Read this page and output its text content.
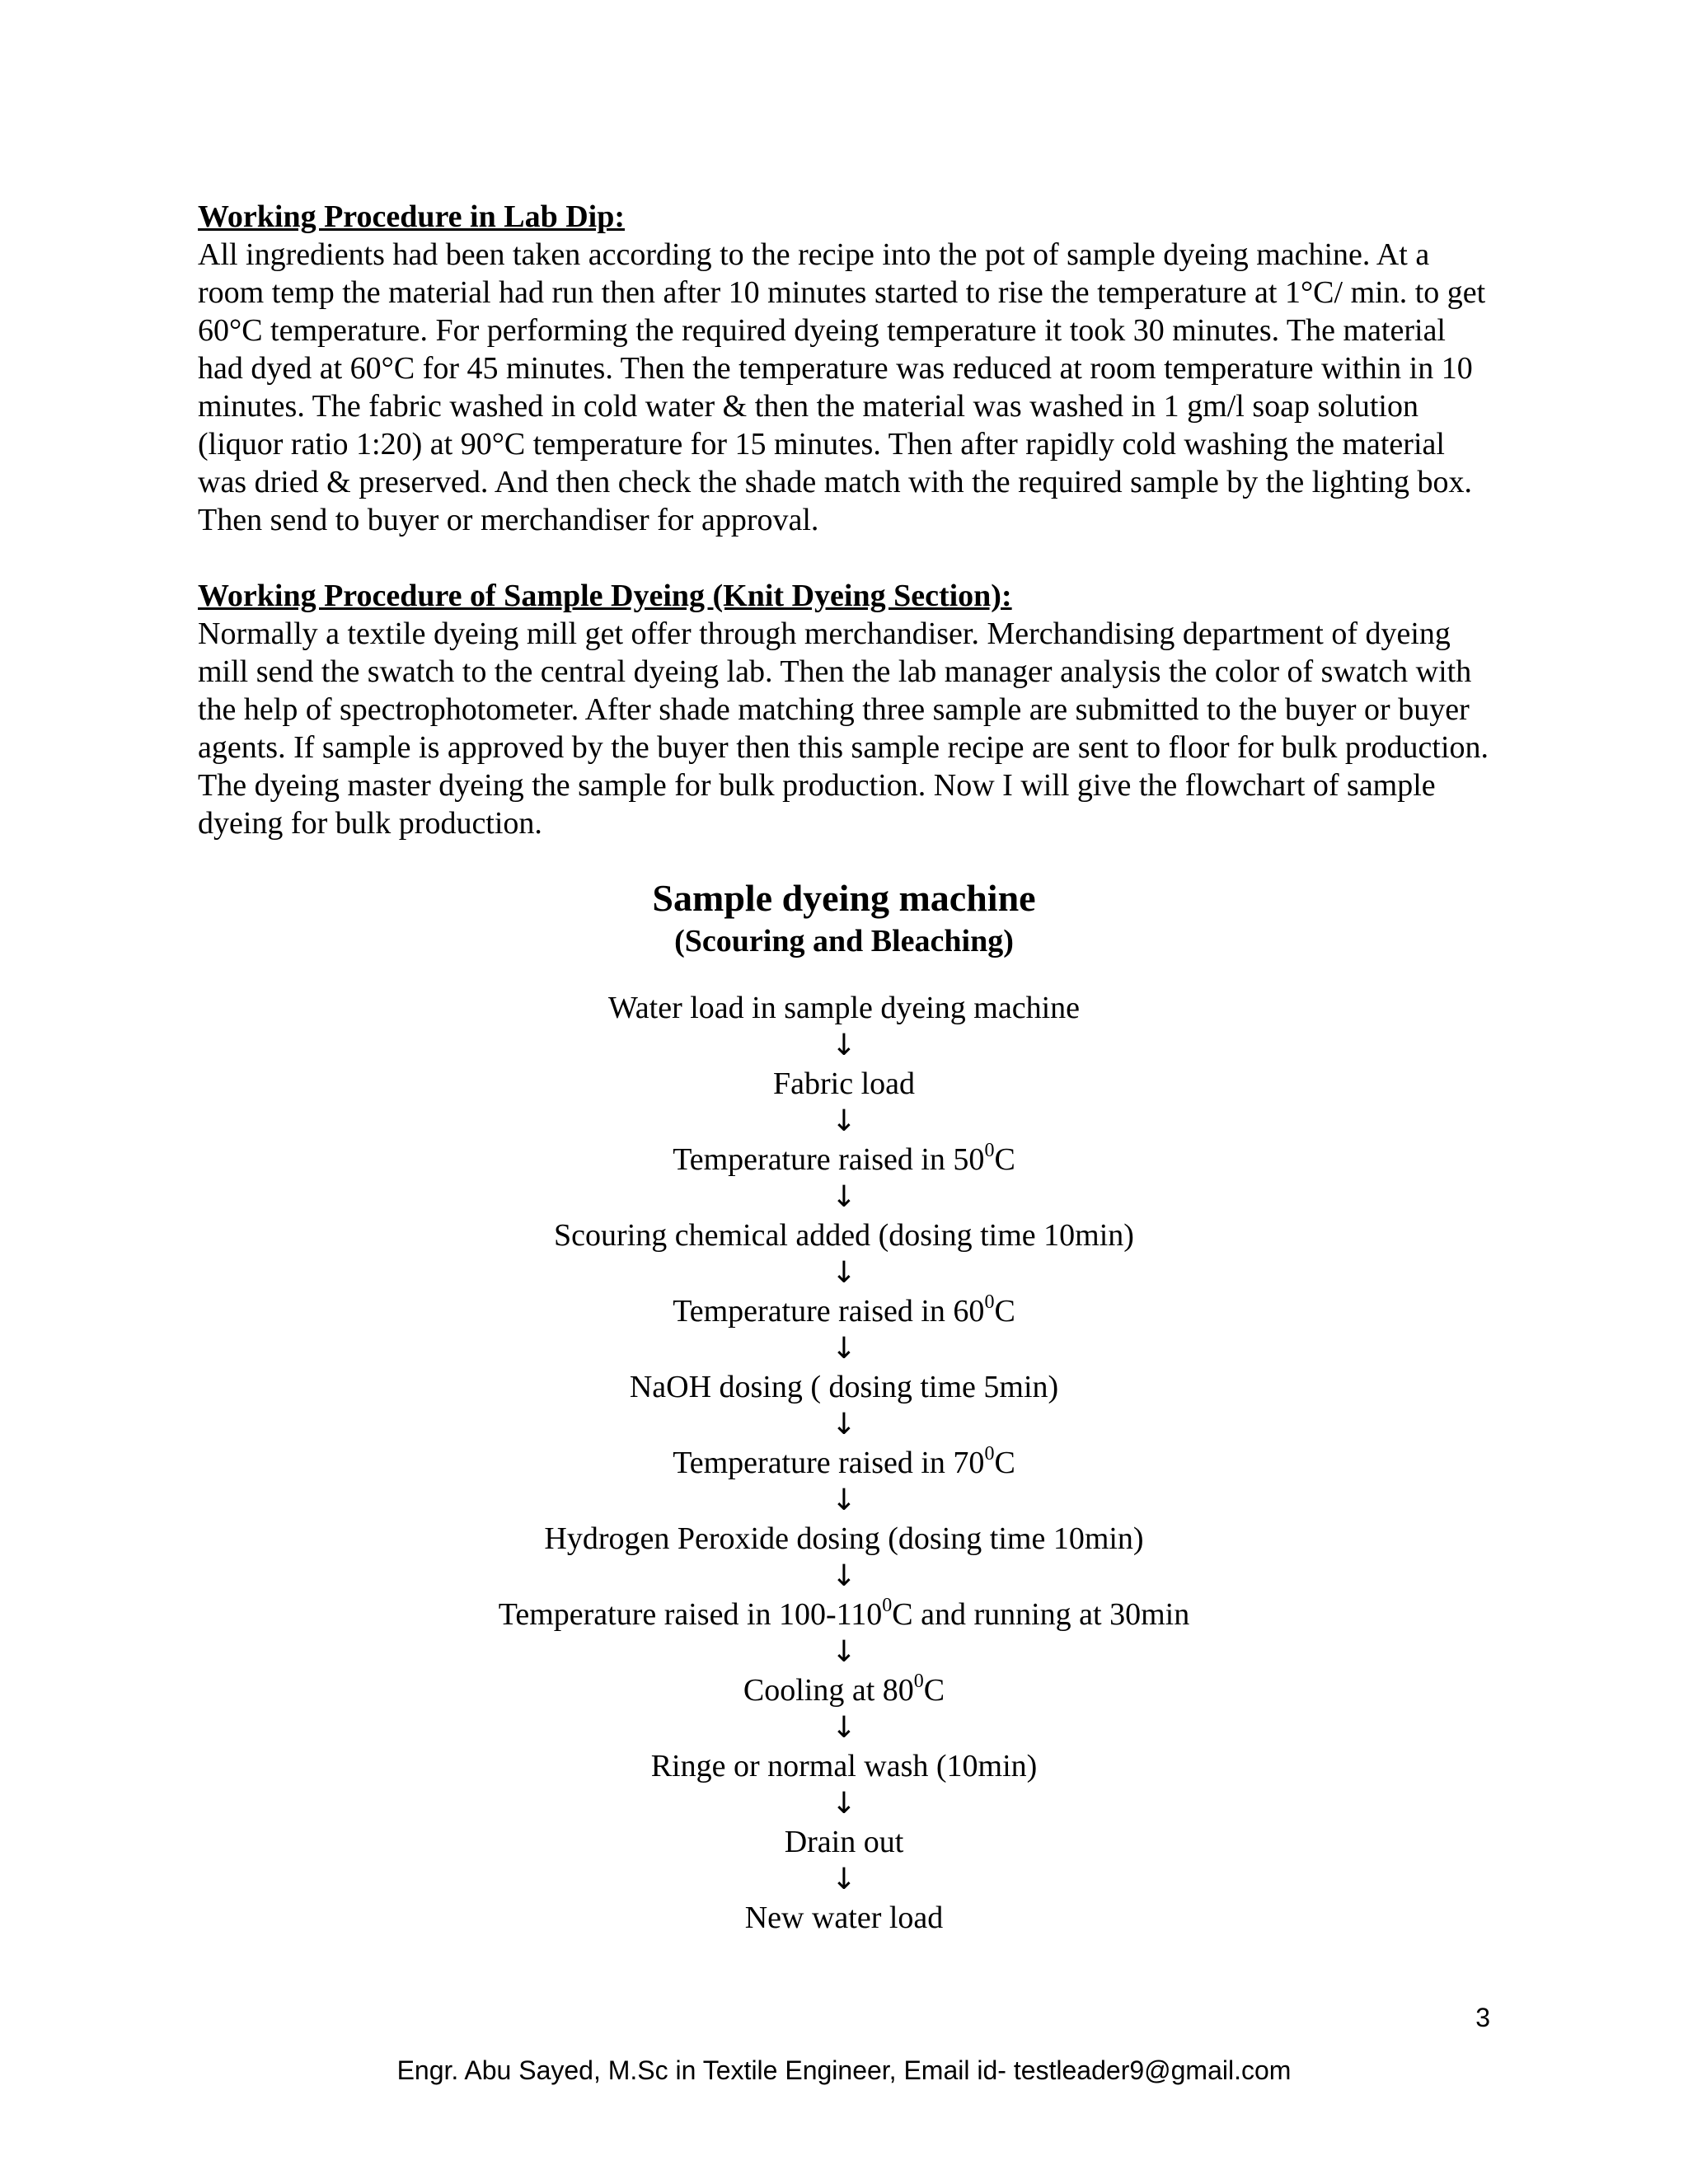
Working Procedure in Lab Dip:

All ingredients had been taken according to the recipe into the pot of sample dyeing machine. At a room temp the material had run then after 10 minutes started to rise the temperature at 1°C/ min. to get 60°C temperature. For performing the required dyeing temperature it took 30 minutes. The material had dyed at 60°C for 45 minutes. Then the temperature was reduced at room temperature within in 10 minutes. The fabric washed in cold water & then the material was washed in 1 gm/l soap solution (liquor ratio 1:20) at 90°C temperature for 15 minutes. Then after rapidly cold washing the material was dried & preserved. And then check the shade match with the required sample by the lighting box. Then send to buyer or merchandiser for approval.

Working Procedure of Sample Dyeing (Knit Dyeing Section):

Normally a textile dyeing mill get offer through merchandiser. Merchandising department of dyeing mill send the swatch to the central dyeing lab. Then the lab manager analysis the color of swatch with the help of spectrophotometer. After shade matching three sample are submitted to the buyer or buyer agents. If sample is approved by the buyer then this sample recipe are sent to floor for bulk production. The dyeing master dyeing the sample for bulk production. Now I will give the flowchart of sample dyeing for bulk production.

Sample dyeing machine
(Scouring and Bleaching)
Water load in sample dyeing machine
↓
Fabric load
↓
Temperature raised in $50^0C$
↓
Scouring chemical added (dosing time 10min)
↓
Temperature raised in $60^0C$
↓
NaOH dosing ( dosing time 5min)
↓
Temperature raised in $70^0C$
↓
Hydrogen Peroxide dosing (dosing time 10min)
↓
Temperature raised in $100-110^0C$ and running at 30min
↓
Cooling at $80^0C$
↓
Ringe or normal wash (10min)
↓
Drain out
↓
New water load
3
Engr. Abu Sayed, M.Sc in Textile Engineer, Email id- testleader9@gmail.com
